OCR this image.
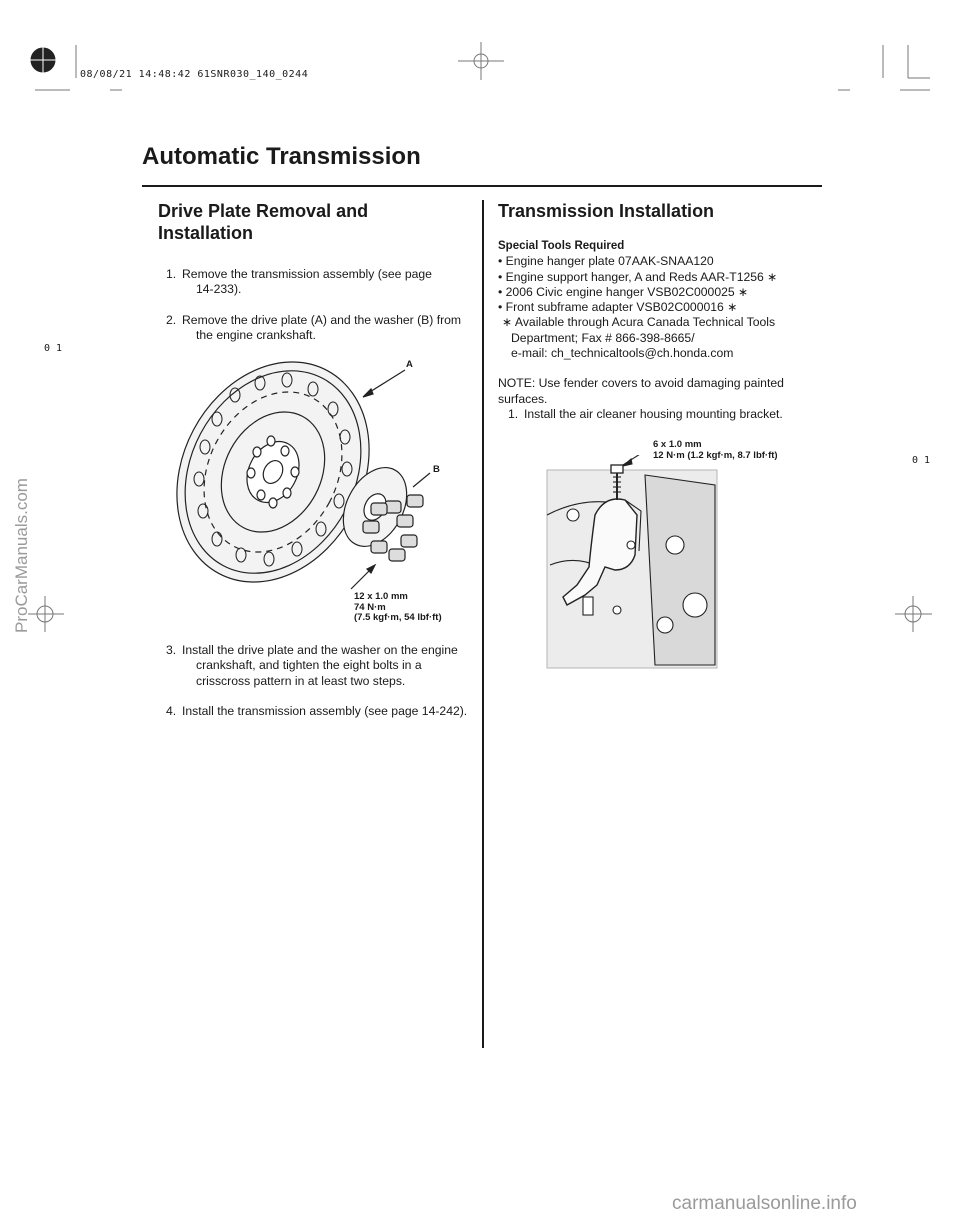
08/08/21 14:48:42 61SNR030_140_0244
Automatic Transmission
0 1
0 1
Drive Plate Removal and
Installation
1. Remove the transmission assembly (see page
14-233).
2. Remove the drive plate (A) and the washer (B) from
the engine crankshaft.
A
B
12 x 1.0 mm
74 N·m
(7.5 kgf·m, 54 lbf·ft)
3. Install the drive plate and the washer on the engine
crankshaft, and tighten the eight bolts in a
crisscross pattern in at least two steps.
4. Install the transmission assembly (see page 14-242).
Transmission Installation
Special Tools Required
• Engine hanger plate 07AAK-SNAA120
• Engine support hanger, A and Reds AAR-T1256 ∗
• 2006 Civic engine hanger VSB02C000025 ∗
• Front subframe adapter VSB02C000016 ∗
∗ Available through Acura Canada Technical Tools
Department; Fax # 866-398-8665/
e-mail: ch_technicaltools@ch.honda.com
NOTE: Use fender covers to avoid damaging painted
surfaces.
1. Install the air cleaner housing mounting bracket.
6 x 1.0 mm
12 N·m (1.2 kgf·m, 8.7 lbf·ft)
ProCarManuals.com
carmanualsonline.info
